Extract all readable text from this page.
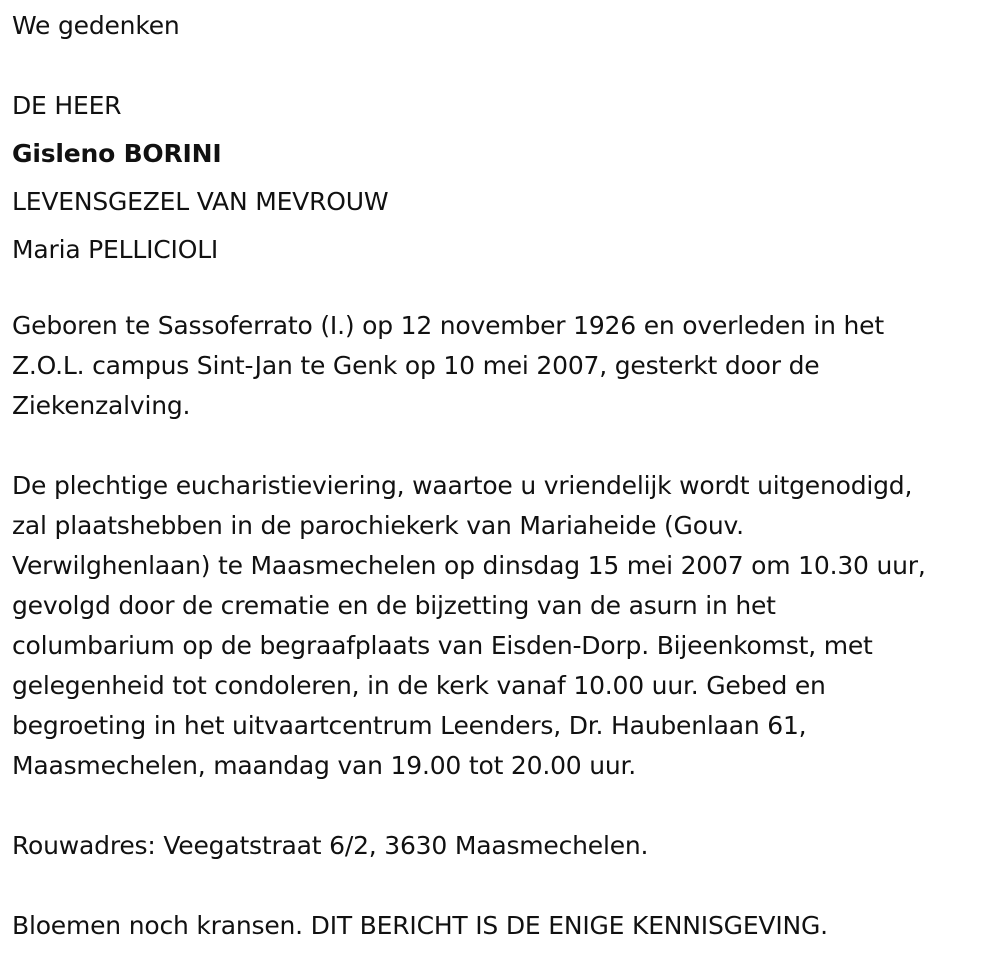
We gedenken

DE HEER

Gisleno BORINI

LEVENSGEZEL VAN MEVROUW

Maria PELLICIOLI

Geboren te Sassoferrato (I.) op 12 november 1926 en overleden in het
Z.O.L. campus Sint-Jan te Genk op 10 mei 2007, gesterkt door de
Ziekenzalving.

De plechtige eucharistieviering, waartoe u vriendelijk wordt uitgenodigd,
zal plaatshebben in de parochiekerk van Mariaheide (Gouv.
Verwilghenlaan) te Maasmechelen op dinsdag 15 mei 2007 om 10.30 uur,
gevolgd door de crematie en de bijzetting van de asurn in het
columbarium op de begraafplaats van Eisden-Dorp. Bijeenkomst, met
gelegenheid tot condoleren, in de kerk vanaf 10.00 uur. Gebed en
begroeting in het uitvaartcentrum Leenders, Dr. Haubenlaan 61,
Maasmechelen, maandag van 19.00 tot 20.00 uur.

Rouwadres: Veegatstraat 6/2, 3630 Maasmechelen.

Bloemen noch kransen. DIT BERICHT IS DE ENIGE KENNISGEVING.
